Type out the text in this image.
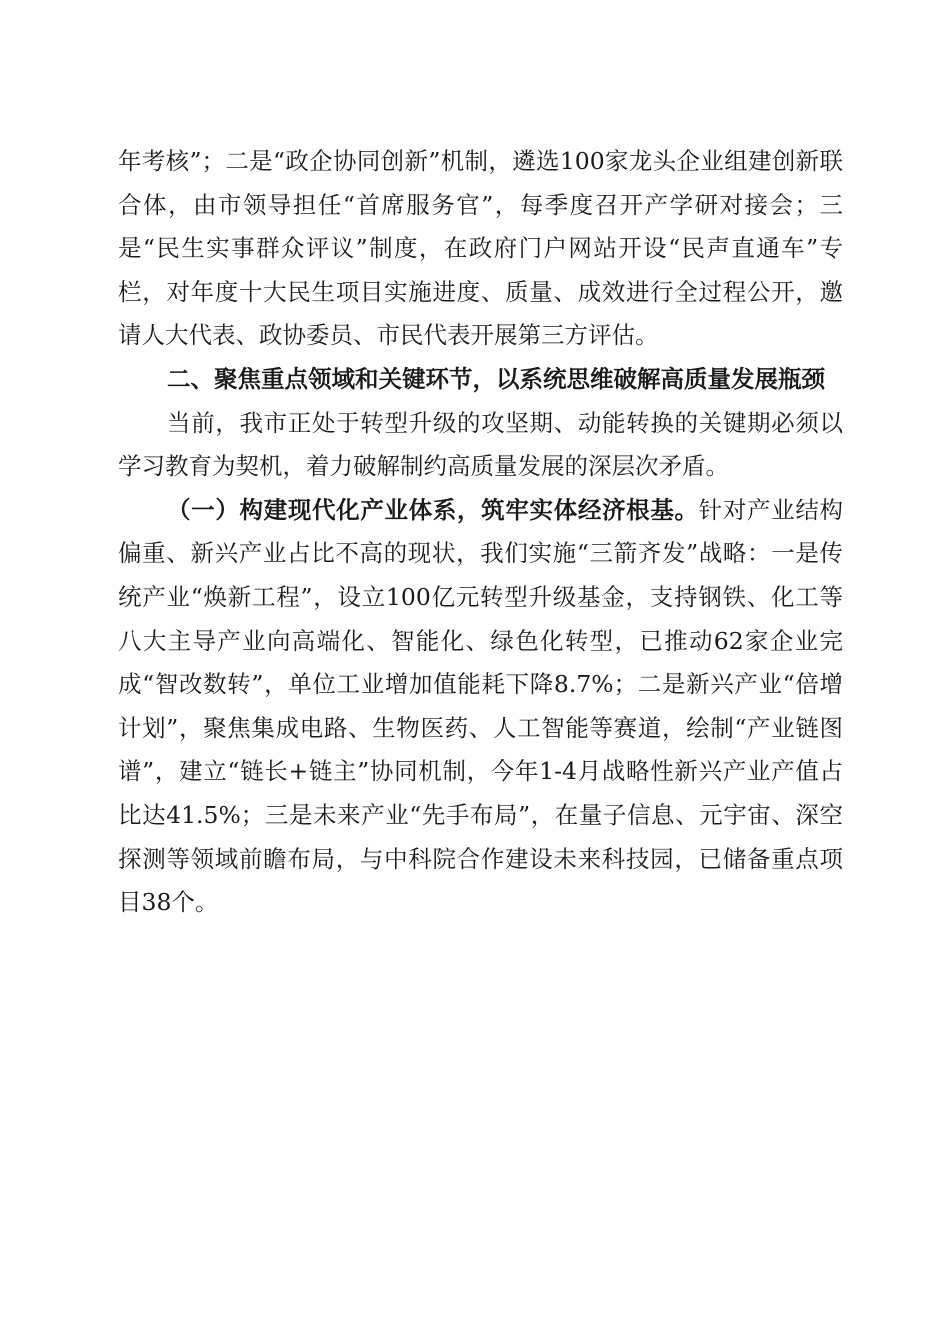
年考核”；二是“政企协同创新”机制，遴选100家龙头企业组建创新联合体，由市领导担任“首席服务官”，每季度召开产学研对接会；三是“民生实事群众评议”制度，在政府门户网站开设“民声直通车”专栏，对年度十大民生项目实施进度、质量、成效进行全过程公开，邀请人大代表、政协委员、市民代表开展第三方评估。

二、聚焦重点领域和关键环节，以系统思维破解高质量发展瓶颈

当前，我市正处于转型升级的攻坚期、动能转换的关键期必须以学习教育为契机，着力破解制约高质量发展的深层次矛盾。

（一）构建现代化产业体系，筑牢实体经济根基。针对产业结构偏重、新兴产业占比不高的现状，我们实施“三箭齐发”战略：一是传统产业“焕新工程”，设立100亿元转型升级基金，支持钢铁、化工等八大主导产业向高端化、智能化、绿色化转型，已推动62家企业完成“智改数转”，单位工业增加值能耗下降8.7%；二是新兴产业“倍增计划”，聚焦集成电路、生物医药、人工智能等赛道，绘制“产业链图谱”，建立“链长+链主”协同机制，今年1-4月战略性新兴产业产值占比达41.5%；三是未来产业“先手布局”，在量子信息、元宇宙、深空探测等领域前瞻布局，与中科院合作建设未来科技园，已储备重点项目38个。
